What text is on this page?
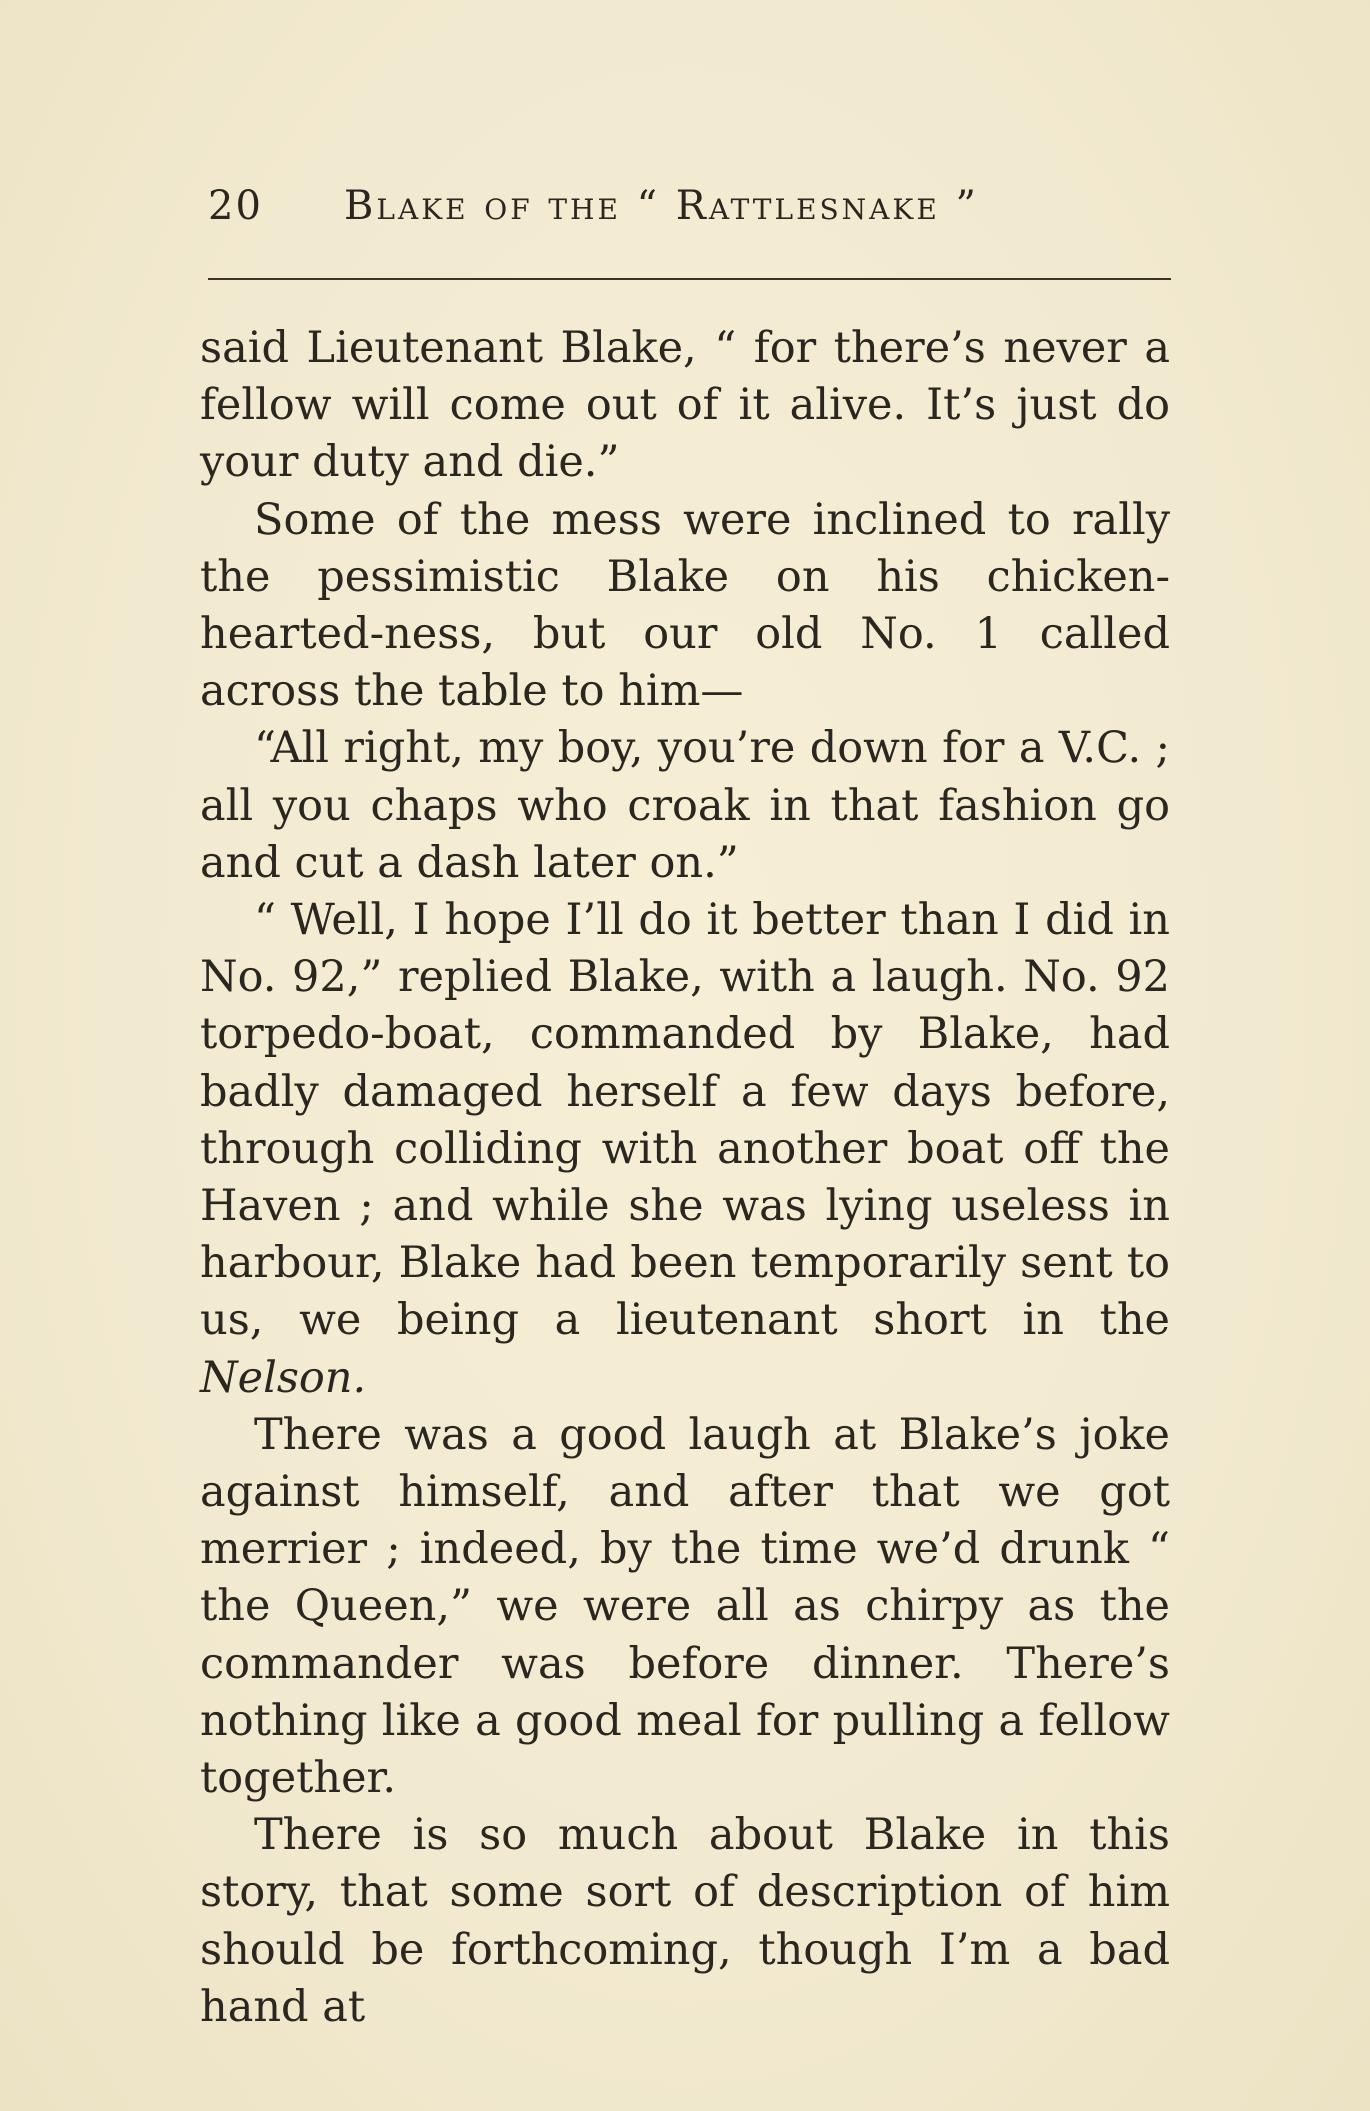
20 Blake of the “ Rattlesnake ”

said Lieutenant Blake, “ for there’s never a fellow will come out of it alive. It’s just do your duty and die.”

Some of the mess were inclined to rally the pessimistic Blake on his chicken-hearted-ness, but our old No. 1 called across the table to him—

“All right, my boy, you’re down for a V.C. ; all you chaps who croak in that fashion go and cut a dash later on.”

“ Well, I hope I’ll do it better than I did in No. 92,” replied Blake, with a laugh. No. 92 torpedo-boat, commanded by Blake, had badly damaged herself a few days before, through colliding with another boat off the Haven ; and while she was lying useless in harbour, Blake had been temporarily sent to us, we being a lieutenant short in the Nelson.

There was a good laugh at Blake’s joke against himself, and after that we got merrier ; indeed, by the time we’d drunk “ the Queen,” we were all as chirpy as the commander was before dinner. There’s nothing like a good meal for pulling a fellow together.

There is so much about Blake in this story, that some sort of description of him should be forthcoming, though I’m a bad hand at
